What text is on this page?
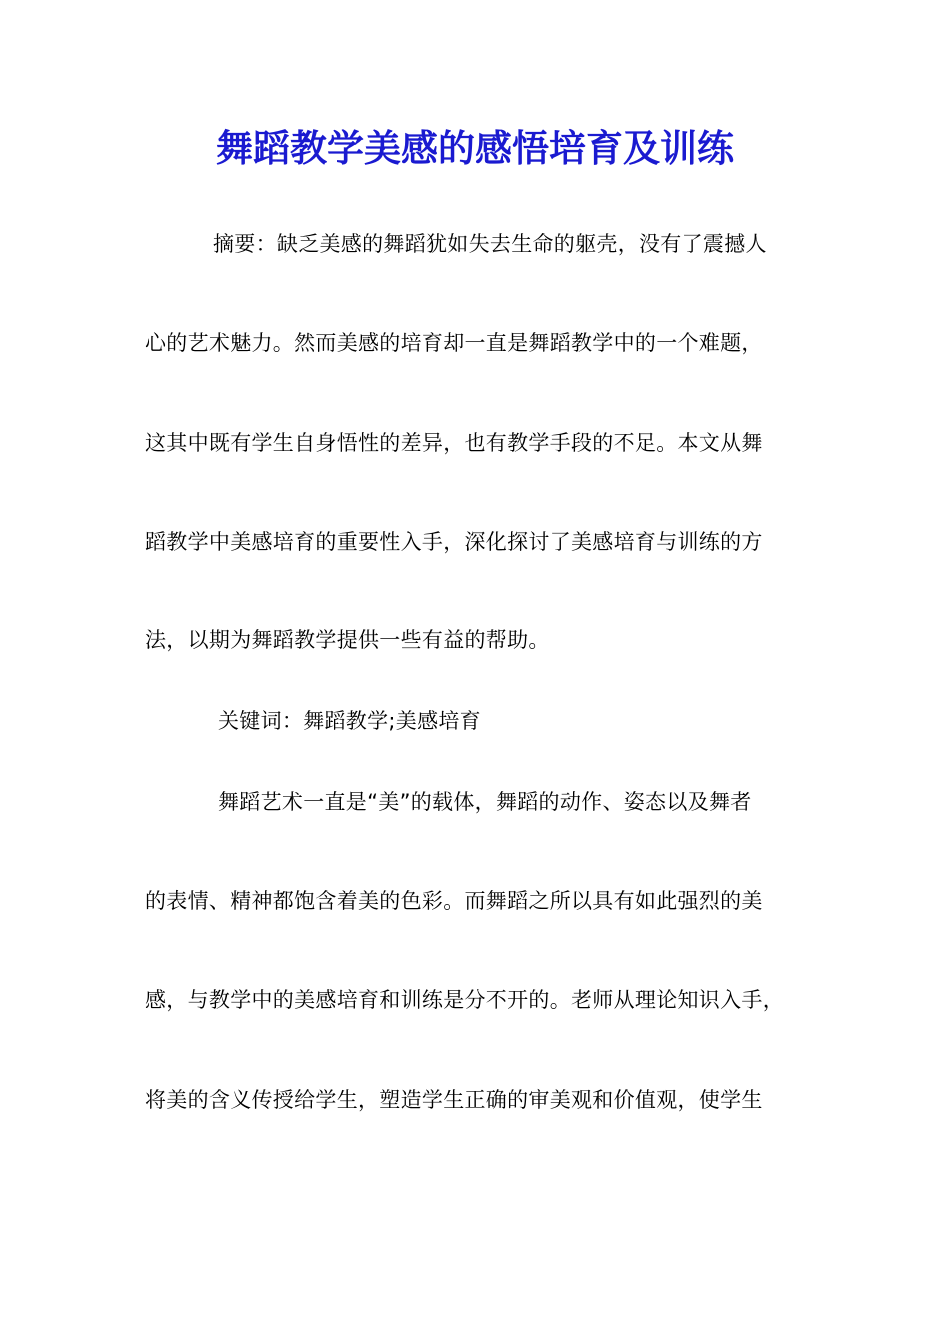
舞蹈教学美感的感悟培育及训练
摘要：缺乏美感的舞蹈犹如失去生命的躯壳，没有了震撼人
心的艺术魅力。然而美感的培育却一直是舞蹈教学中的一个难题，
这其中既有学生自身悟性的差异，也有教学手段的不足。本文从舞
蹈教学中美感培育的重要性入手，深化探讨了美感培育与训练的方
法，以期为舞蹈教学提供一些有益的帮助。
关键词：舞蹈教学;美感培育
舞蹈艺术一直是“美”的载体，舞蹈的动作、姿态以及舞者
的表情、精神都饱含着美的色彩。而舞蹈之所以具有如此强烈的美
感，与教学中的美感培育和训练是分不开的。老师从理论知识入手，
将美的含义传授给学生，塑造学生正确的审美观和价值观，使学生
